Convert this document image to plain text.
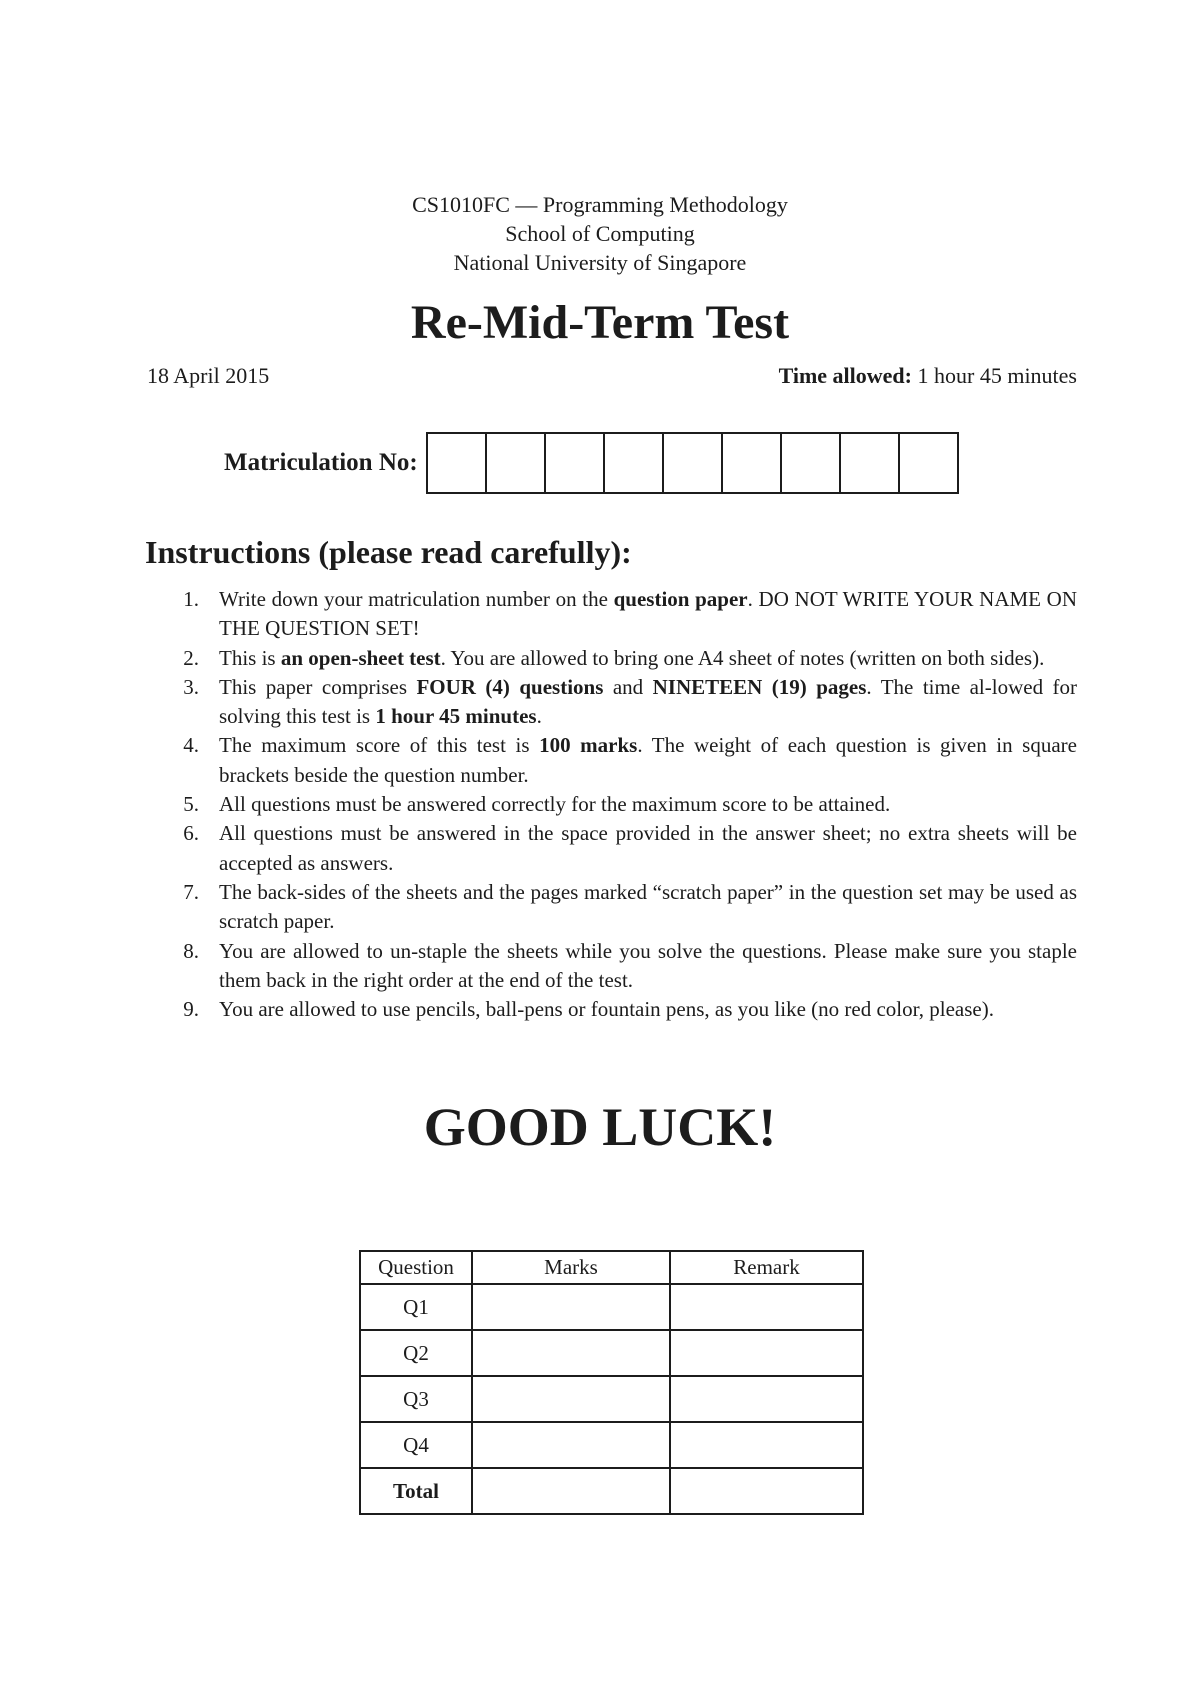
CS1010FC — Programming Methodology
School of Computing
National University of Singapore
Re-Mid-Term Test
18 April 2015	Time allowed: 1 hour 45 minutes
Matriculation No:
Instructions (please read carefully):
1. Write down your matriculation number on the question paper. DO NOT WRITE YOUR NAME ON THE QUESTION SET!
2. This is an open-sheet test. You are allowed to bring one A4 sheet of notes (written on both sides).
3. This paper comprises FOUR (4) questions and NINETEEN (19) pages. The time al-lowed for solving this test is 1 hour 45 minutes.
4. The maximum score of this test is 100 marks. The weight of each question is given in square brackets beside the question number.
5. All questions must be answered correctly for the maximum score to be attained.
6. All questions must be answered in the space provided in the answer sheet; no extra sheets will be accepted as answers.
7. The back-sides of the sheets and the pages marked “scratch paper” in the question set may be used as scratch paper.
8. You are allowed to un-staple the sheets while you solve the questions. Please make sure you staple them back in the right order at the end of the test.
9. You are allowed to use pencils, ball-pens or fountain pens, as you like (no red color, please).
GOOD LUCK!
Question	Marks	Remark
Q1		
Q2		
Q3		
Q4		
Total		
